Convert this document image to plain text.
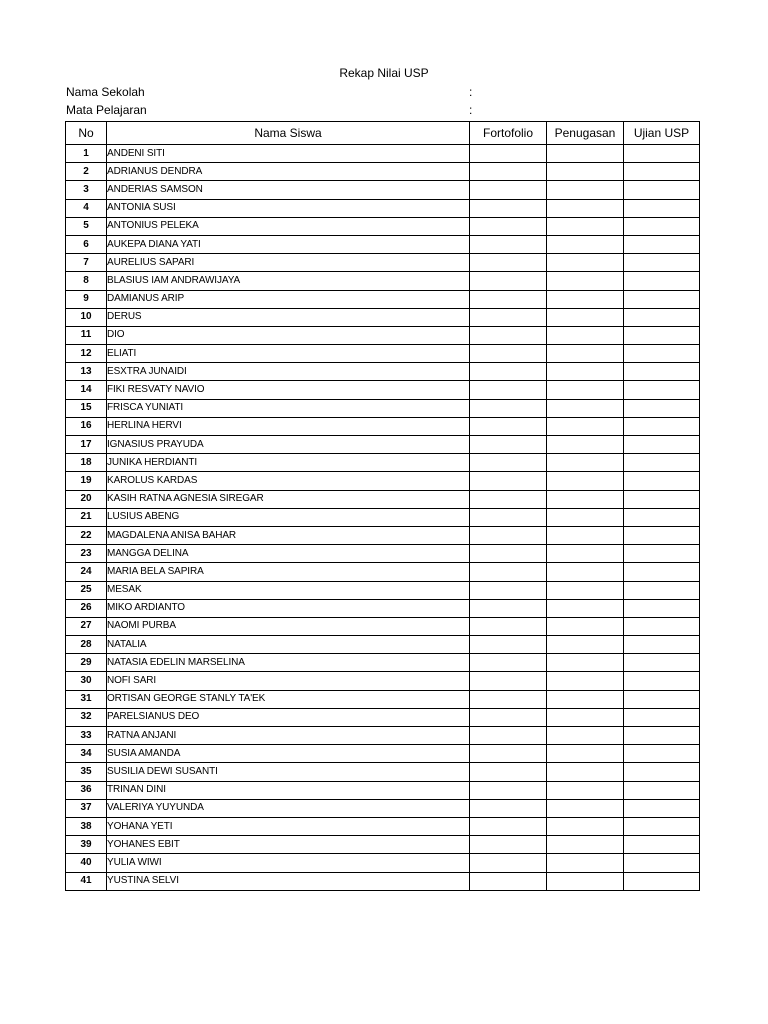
Rekap Nilai USP
Nama Sekolah	:
Mata Pelajaran	:
No	Nama Siswa	Fortofolio	Penugasan	Ujian USP
1	ANDENI SITI			
2	ADRIANUS DENDRA			
3	ANDERIAS SAMSON			
4	ANTONIA SUSI			
5	ANTONIUS PELEKA			
6	AUKEPA DIANA YATI			
7	AURELIUS SAPARI			
8	BLASIUS IAM ANDRAWIJAYA			
9	DAMIANUS ARIP			
10	DERUS			
11	DIO			
12	ELIATI			
13	ESXTRA JUNAIDI			
14	FIKI RESVATY NAVIO			
15	FRISCA YUNIATI			
16	HERLINA HERVI			
17	IGNASIUS PRAYUDA			
18	JUNIKA HERDIANTI			
19	KAROLUS KARDAS			
20	KASIH RATNA AGNESIA SIREGAR			
21	LUSIUS ABENG			
22	MAGDALENA ANISA BAHAR			
23	MANGGA DELINA			
24	MARIA BELA SAPIRA			
25	MESAK			
26	MIKO ARDIANTO			
27	NAOMI PURBA			
28	NATALIA			
29	NATASIA EDELIN MARSELINA			
30	NOFI SARI			
31	ORTISAN GEORGE STANLY TA'EK			
32	PARELSIANUS DEO			
33	RATNA ANJANI			
34	SUSIA AMANDA			
35	SUSILIA DEWI SUSANTI			
36	TRINAN DINI			
37	VALERIYA YUYUNDA			
38	YOHANA YETI			
39	YOHANES EBIT			
40	YULIA WIWI			
41	YUSTINA SELVI			
